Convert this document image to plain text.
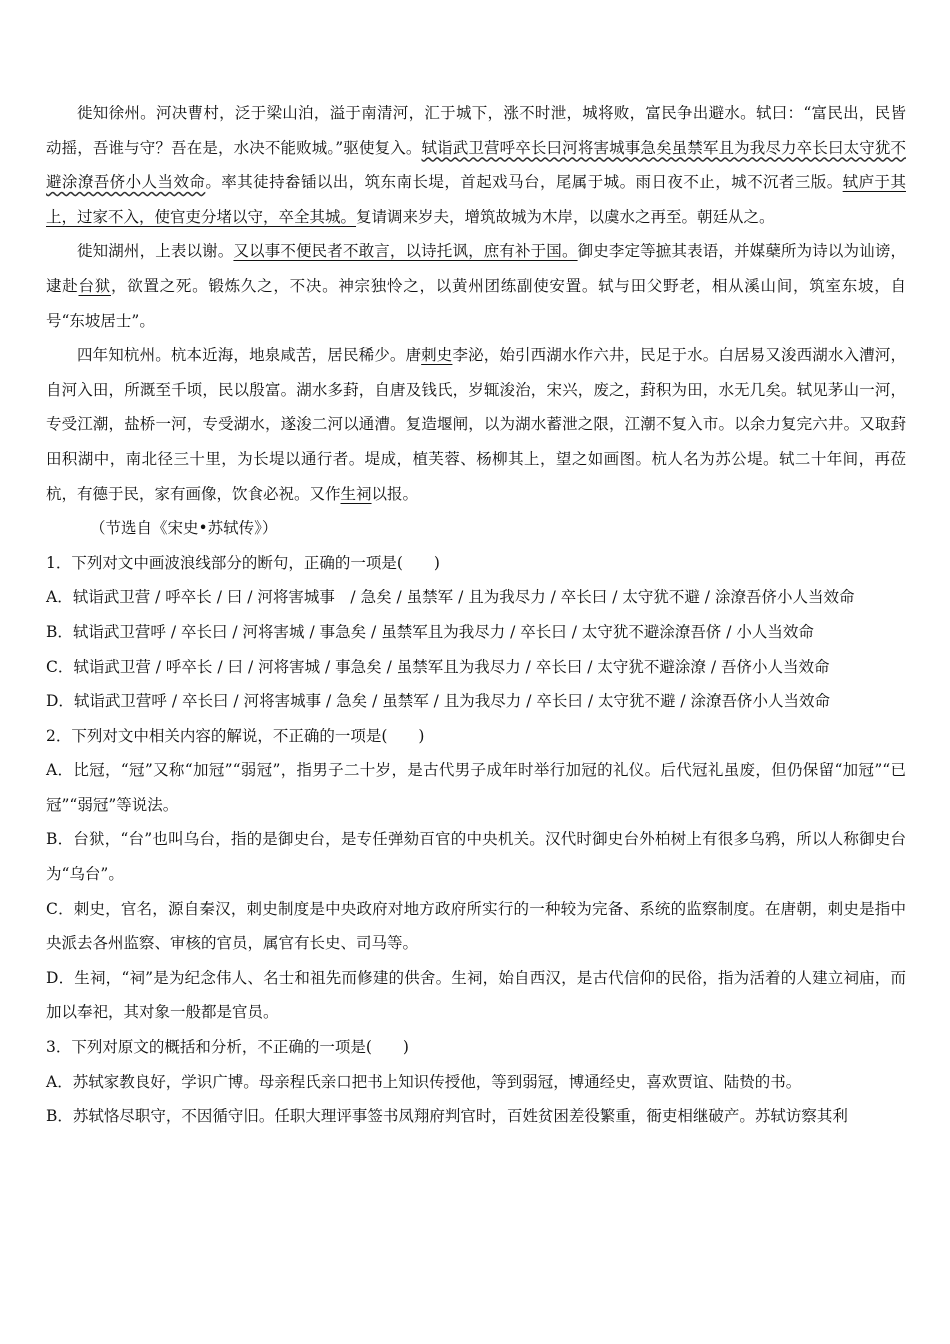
徙知徐州。河决曹村，泛于梁山泊，溢于南清河，汇于城下，涨不时泄，城将败，富民争出避水。轼曰：“富民出，民皆动摇，吾谁与守？吾在是，水决不能败城。”驱使复入。轼诣武卫营呼卒长曰河将害城事急矣虽禁军且为我尽力卒长曰太守犹不避涂潦吾侪小人当效命。率其徒持畚锸以出，筑东南长堤，首起戏马台，尾属于城。雨日夜不止，城不沉者三版。轼庐于其上，过家不入，使官吏分堵以守，卒全其城。复请调来岁夫，增筑故城为木岸，以虞水之再至。朝廷从之。

徙知湖州，上表以谢。又以事不便民者不敢言，以诗托讽，庶有补于国。御史李定等摭其表语，并媒蘖所为诗以为讪谤，逮赴台狱，欲置之死。锻炼久之，不决。神宗独怜之，以黄州团练副使安置。轼与田父野老，相从溪山间，筑室东坡，自号“东坡居士”。

四年知杭州。杭本近海，地泉咸苦，居民稀少。唐刺史李泌，始引西湖水作六井，民足于水。白居易又浚西湖水入漕河，自河入田，所溉至千顷，民以殷富。湖水多葑，自唐及钱氏，岁辄浚治，宋兴，废之，葑积为田，水无几矣。轼见茅山一河，专受江潮，盐桥一河，专受湖水，遂浚二河以通漕。复造堰闸，以为湖水蓄泄之限，江潮不复入市。以余力复完六井。又取葑田积湖中，南北径三十里，为长堤以通行者。堤成，植芙蓉、杨柳其上，望之如画图。杭人名为苏公堤。轼二十年间，再莅杭，有德于民，家有画像，饮食必祝。又作生祠以报。

（节选自《宋史•苏轼传》）

1．下列对文中画波浪线部分的断句，正确的一项是(　　)

A．轼诣武卫营 / 呼卒长 / 曰 / 河将害城事　/ 急矣 / 虽禁军 / 且为我尽力 / 卒长曰 / 太守犹不避 / 涂潦吾侪小人当效命

B．轼诣武卫营呼 / 卒长曰 / 河将害城 / 事急矣 / 虽禁军且为我尽力 / 卒长曰 / 太守犹不避涂潦吾侪 / 小人当效命

C．轼诣武卫营 / 呼卒长 / 曰 / 河将害城 / 事急矣 / 虽禁军且为我尽力 / 卒长曰 / 太守犹不避涂潦 / 吾侪小人当效命

D．轼诣武卫营呼 / 卒长曰 / 河将害城事 / 急矣 / 虽禁军 / 且为我尽力 / 卒长曰 / 太守犹不避 / 涂潦吾侪小人当效命

2．下列对文中相关内容的解说，不正确的一项是(　　)

A．比冠，“冠”又称“加冠”“弱冠”，指男子二十岁，是古代男子成年时举行加冠的礼仪。后代冠礼虽废，但仍保留“加冠”“已冠”“弱冠”等说法。

B．台狱，“台”也叫乌台，指的是御史台，是专任弹劾百官的中央机关。汉代时御史台外柏树上有很多乌鸦，所以人称御史台为“乌台”。

C．刺史，官名，源自秦汉，刺史制度是中央政府对地方政府所实行的一种较为完备、系统的监察制度。在唐朝，刺史是指中央派去各州监察、审核的官员，属官有长史、司马等。

D．生祠，“祠”是为纪念伟人、名士和祖先而修建的供舍。生祠，始自西汉，是古代信仰的民俗，指为活着的人建立祠庙，而加以奉祀，其对象一般都是官员。

3．下列对原文的概括和分析，不正确的一项是(　　)

A．苏轼家教良好，学识广博。母亲程氏亲口把书上知识传授他，等到弱冠，博通经史，喜欢贾谊、陆贽的书。

B．苏轼恪尽职守，不因循守旧。任职大理评事签书凤翔府判官时，百姓贫困差役繁重，衙吏相继破产。苏轼访察其利
